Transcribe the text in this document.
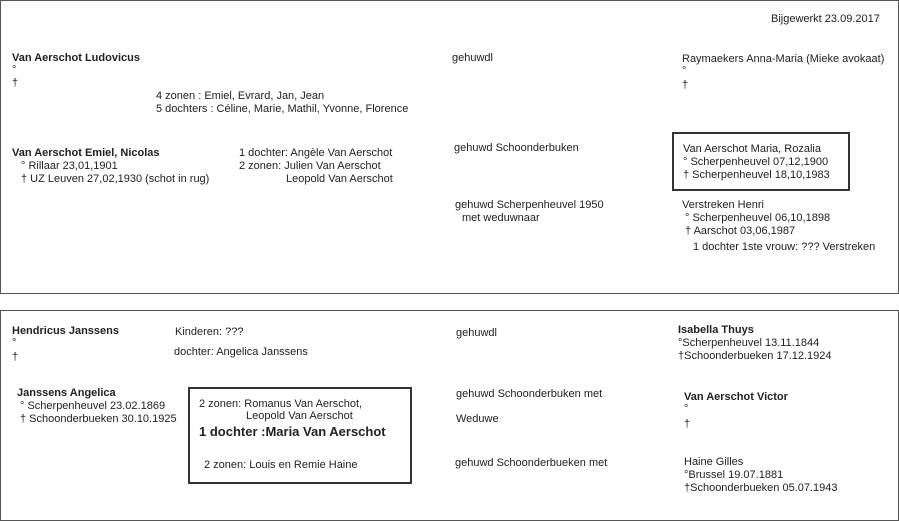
Bijgewerkt 23.09.2017
Van Aerschot Ludovicus
°
†
4 zonen : Emiel, Evrard, Jan, Jean
5 dochters : Céline, Marie, Mathil, Yvonne, Florence
gehuwdl	Raymaekers Anna-Maria (Mieke avokaat)
°
†
Van Aerschot Emiel, Nicolas
° Rillaar 23,01,1901
† UZ Leuven 27,02,1930 (schot in rug)
1 dochter: Angèle Van Aerschot
2 zonen: Julien Van Aerschot
Leopold Van Aerschot
gehuwd Schoonderbuken	Van Aerschot Maria, Rozalia
° Scherpenheuvel 07,12,1900
† Scherpenheuvel 18,10,1983
gehuwd Scherpenheuvel 1950
met weduwnaar
Verstreken Henri
° Scherpenheuvel 06,10,1898
† Aarschot 03,06,1987
1 dochter 1ste vrouw: ??? Verstreken
Hendricus Janssens
°
†
Kinderen: ???
dochter: Angelica Janssens
gehuwdl	Isabella Thuys
°Scherpenheuvel 13.11.1844
†Schoonderbueken 17.12.1924
Janssens Angelica
° Scherpenheuvel 23.02.1869
† Schoonderbueken 30.10.1925
2 zonen: Romanus Van Aerschot,
Leopold Van Aerschot
1 dochter :Maria Van Aerschot
2 zonen: Louis en Remie Haine
gehuwd Schoonderbuken met
Weduwe
gehuwd Schoonderbueken met
Van Aerschot Victor
°
†
Haine Gilles
°Brussel 19.07.1881
†Schoonderbueken 05.07.1943
